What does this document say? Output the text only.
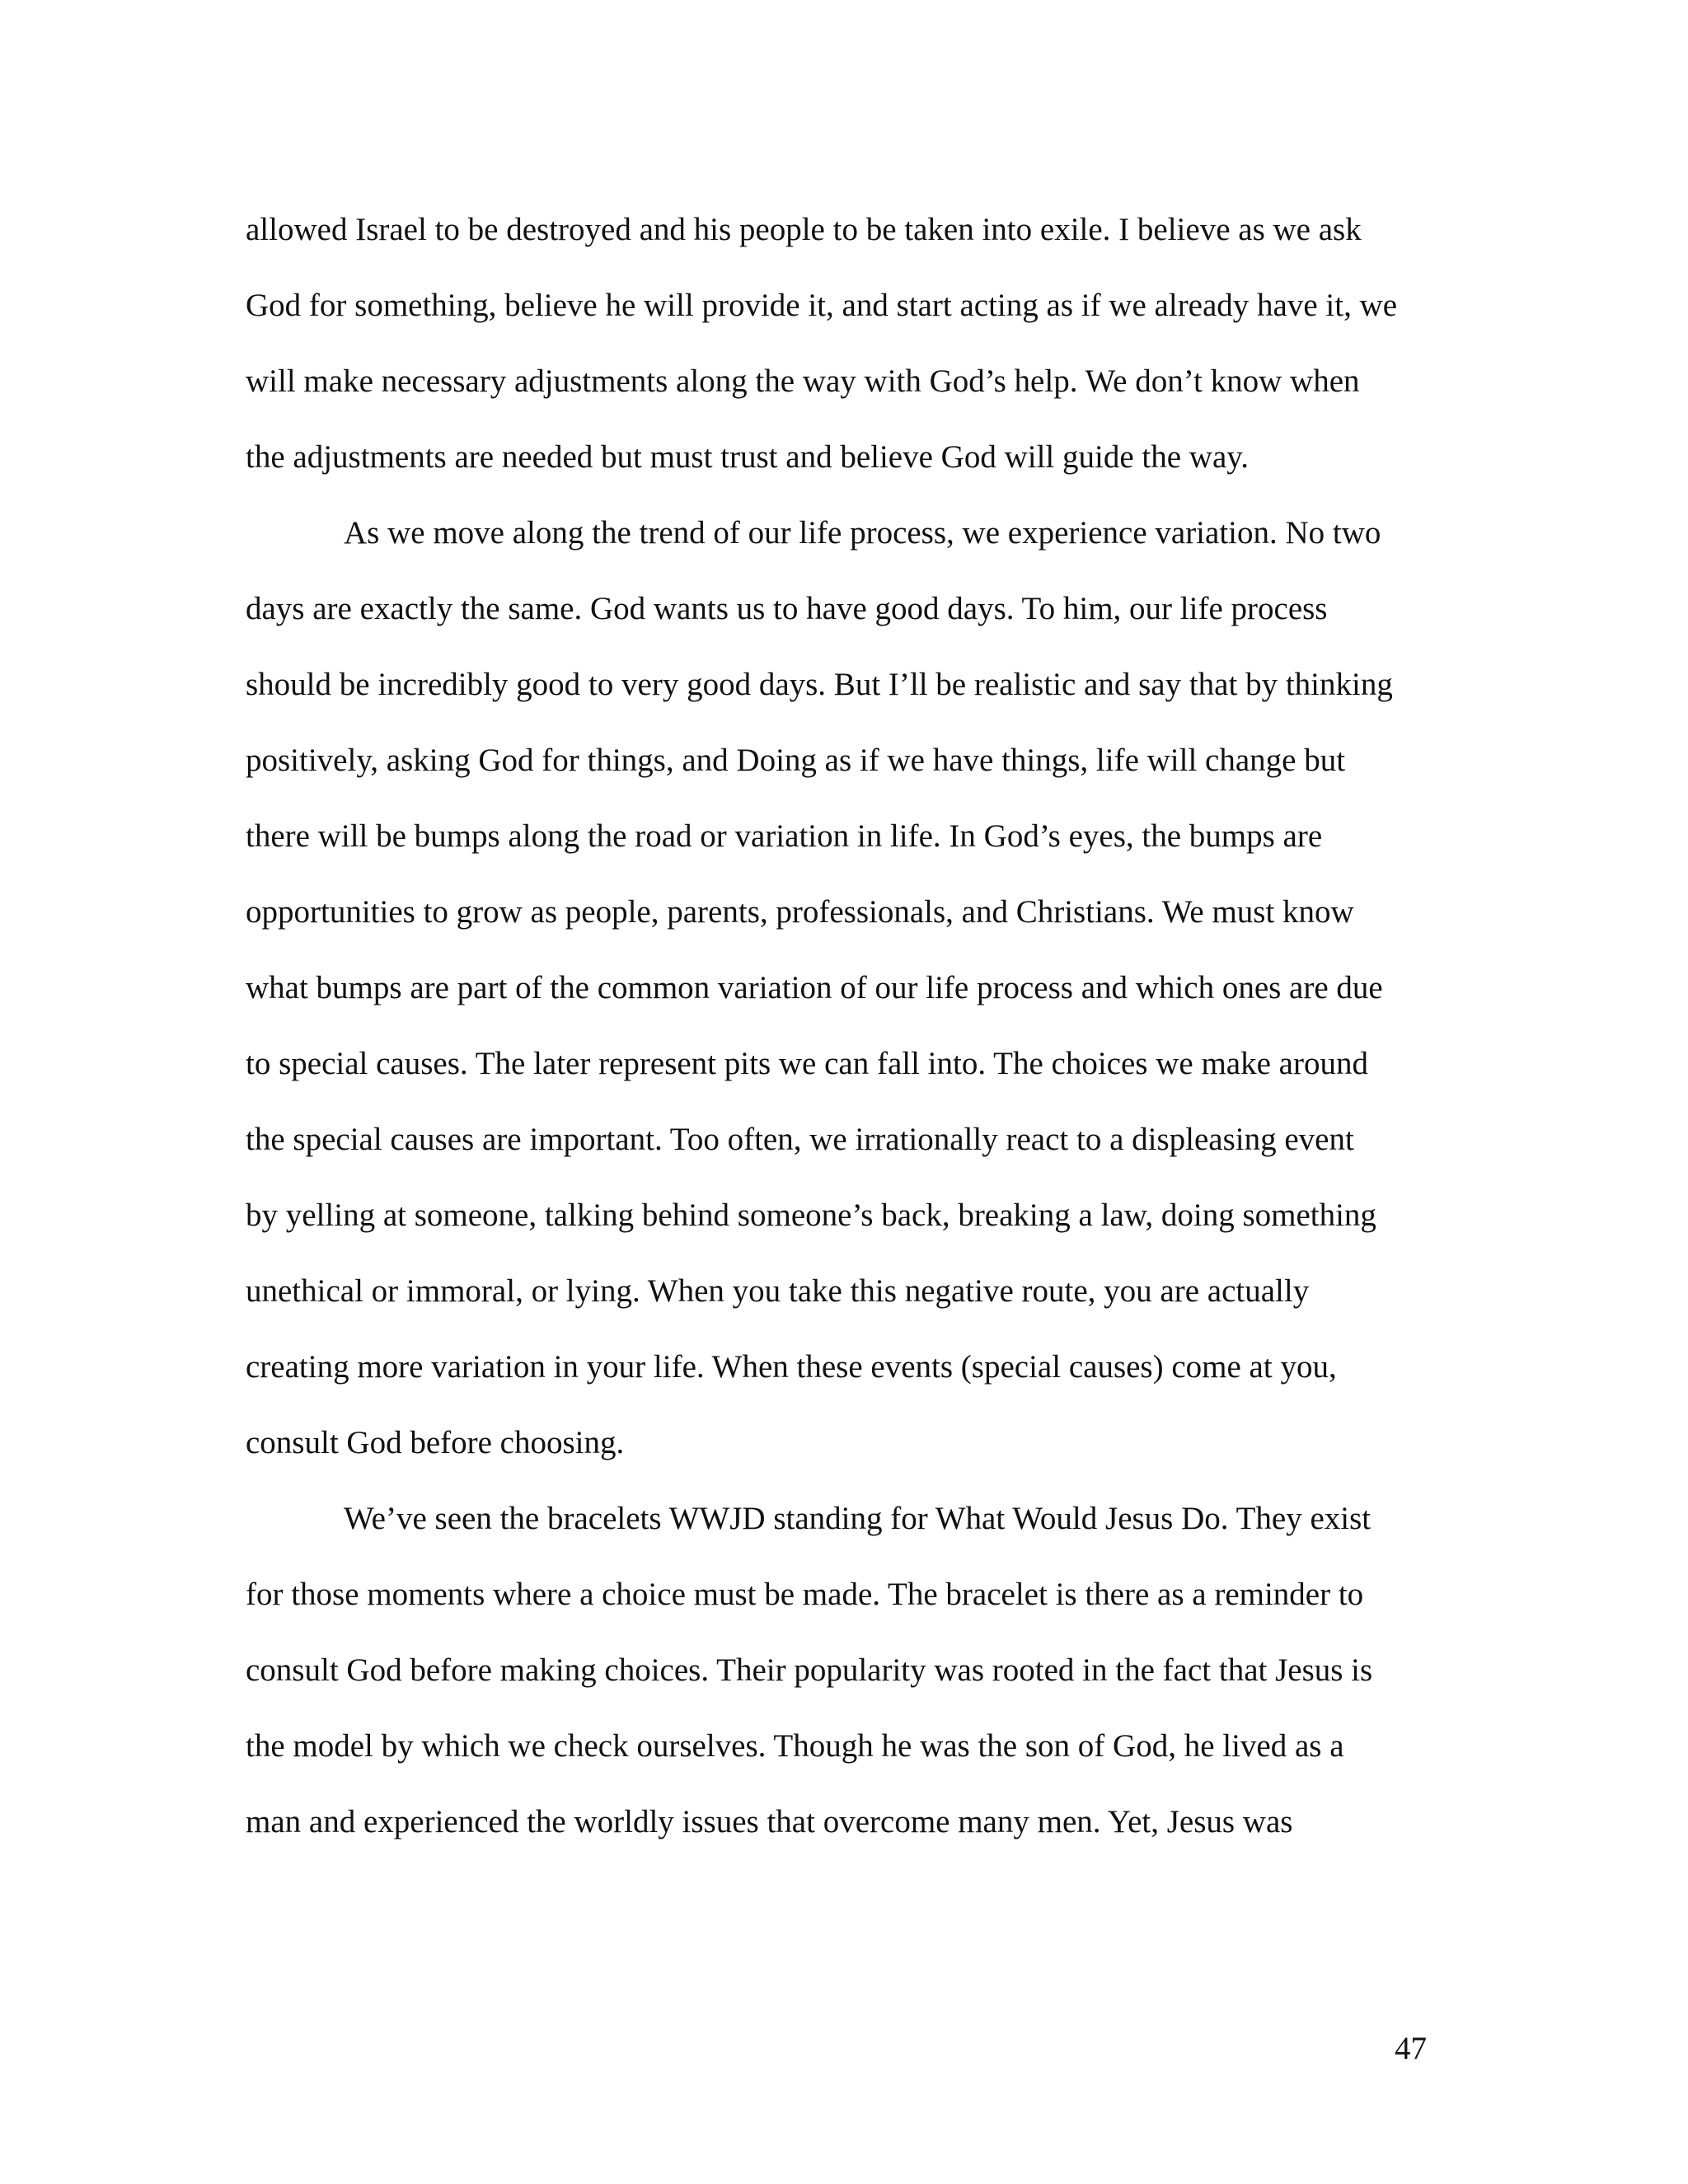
allowed Israel to be destroyed and his people to be taken into exile. I believe as we ask
God for something, believe he will provide it, and start acting as if we already have it, we
will make necessary adjustments along the way with God’s help. We don’t know when
the adjustments are needed but must trust and believe God will guide the way.
As we move along the trend of our life process, we experience variation. No two
days are exactly the same. God wants us to have good days. To him, our life process
should be incredibly good to very good days. But I’ll be realistic and say that by thinking
positively, asking God for things, and Doing as if we have things, life will change but
there will be bumps along the road or variation in life. In God’s eyes, the bumps are
opportunities to grow as people, parents, professionals, and Christians. We must know
what bumps are part of the common variation of our life process and which ones are due
to special causes. The later represent pits we can fall into. The choices we make around
the special causes are important. Too often, we irrationally react to a displeasing event
by yelling at someone, talking behind someone’s back, breaking a law, doing something
unethical or immoral, or lying. When you take this negative route, you are actually
creating more variation in your life. When these events (special causes) come at you,
consult God before choosing.
We’ve seen the bracelets WWJD standing for What Would Jesus Do. They exist
for those moments where a choice must be made. The bracelet is there as a reminder to
consult God before making choices. Their popularity was rooted in the fact that Jesus is
the model by which we check ourselves. Though he was the son of God, he lived as a
man and experienced the worldly issues that overcome many men. Yet, Jesus was
47
